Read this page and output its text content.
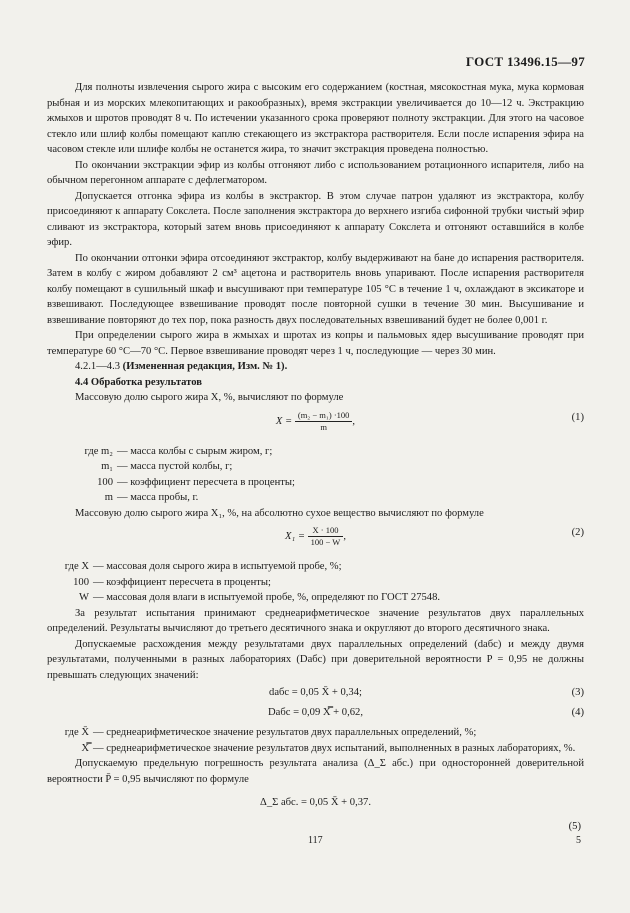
ГОСТ 13496.15—97

Для полноты извлечения сырого жира с высоким его содержанием (костная, мясокостная мука, мука кормовая рыбная и из морских млекопитающих и ракообразных), время экстракции увеличивается до 10—12 ч. Экстракцию жмыхов и шротов проводят 8 ч. По истечении указанного срока проверяют полноту экстракции. Для этого на часовое стекло или шлиф колбы помещают каплю стекающего из экстрактора растворителя. Если после испарения эфира на часовом стекле или шлифе колбы не останется жира, то значит экстракция проведена полностью.

По окончании экстракции эфир из колбы отгоняют либо с использованием ротационного испарителя, либо на обычном перегонном аппарате с дефлегматором.

Допускается отгонка эфира из колбы в экстрактор. В этом случае патрон удаляют из экстрактора, колбу присоединяют к аппарату Сокслета. После заполнения экстрактора до верхнего изгиба сифонной трубки чистый эфир сливают из экстрактора, который затем вновь присоединяют к аппарату Сокслета и отгоняют оставшийся в колбе эфир.

По окончании отгонки эфира отсоединяют экстрактор, колбу выдерживают на бане до испарения растворителя. Затем в колбу с жиром добавляют 2 см³ ацетона и растворитель вновь упаривают. После испарения растворителя колбу помещают в сушильный шкаф и высушивают при температуре 105 °С в течение 1 ч, охлаждают в эксикаторе и взвешивают. Последующее взвешивание проводят после повторной сушки в течение 30 мин. Высушивание и взвешивание повторяют до тех пор, пока разность двух последовательных взвешиваний будет не более 0,001 г.

При определении сырого жира в жмыхах и шротах из копры и пальмовых ядер высушивание проводят при температуре 60 °С—70 °С. Первое взвешивание проводят через 1 ч, последующие — через 30 мин.

4.2.1—4.3 (Измененная редакция, Изм. № 1).

4.4 Обработка результатов

Массовую долю сырого жира X, %, вычисляют по формуле

$X = \frac{\text{(m₂ − m₁) ·100}}{m}$ ,	(1)
где m₂ — масса колбы с сырым жиром, г;
m₁ — масса пустой колбы, г;
100 — коэффициент пересчета в проценты;
m — масса пробы, г.

Массовую долю сырого жира X₁, %, на абсолютно сухое вещество вычисляют по формуле

$X_1 = \frac{X \cdot 100}{100 - W}$ ,	(2)
где X — массовая доля сырого жира в испытуемой пробе, %;
100 — коэффициент пересчета в проценты;
W — массовая доля влаги в испытуемой пробе, %, определяют по ГОСТ 27548.

За результат испытания принимают среднеарифметическое значение результатов двух параллельных определений. Результаты вычисляют до третьего десятичного знака и округляют до второго десятичного знака.

Допускаемые расхождения между результатами двух параллельных определений (dабс) и между двумя результатами, полученными в разных лабораториях (Dабс) при доверительной вероятности P = 0,95 не должны превышать следующих значений:

dабс = 0,05 X̄ + 0,34;	(3)
Dабс = 0,09 X̿ + 0,62,	(4)
где X̄ — среднеарифметическое значение результатов двух параллельных определений, %;
X̿ — среднеарифметическое значение результатов двух испытаний, выполненных в разных лабораториях, %.

Допускаемую предельную погрешность результата анализа (Δ_Σ абс.) при односторонней доверительной вероятности P̄ = 0,95 вычисляют по формуле

Δ_Σ абс. = 0,05 X̄ + 0,37.
(5)
117	5
